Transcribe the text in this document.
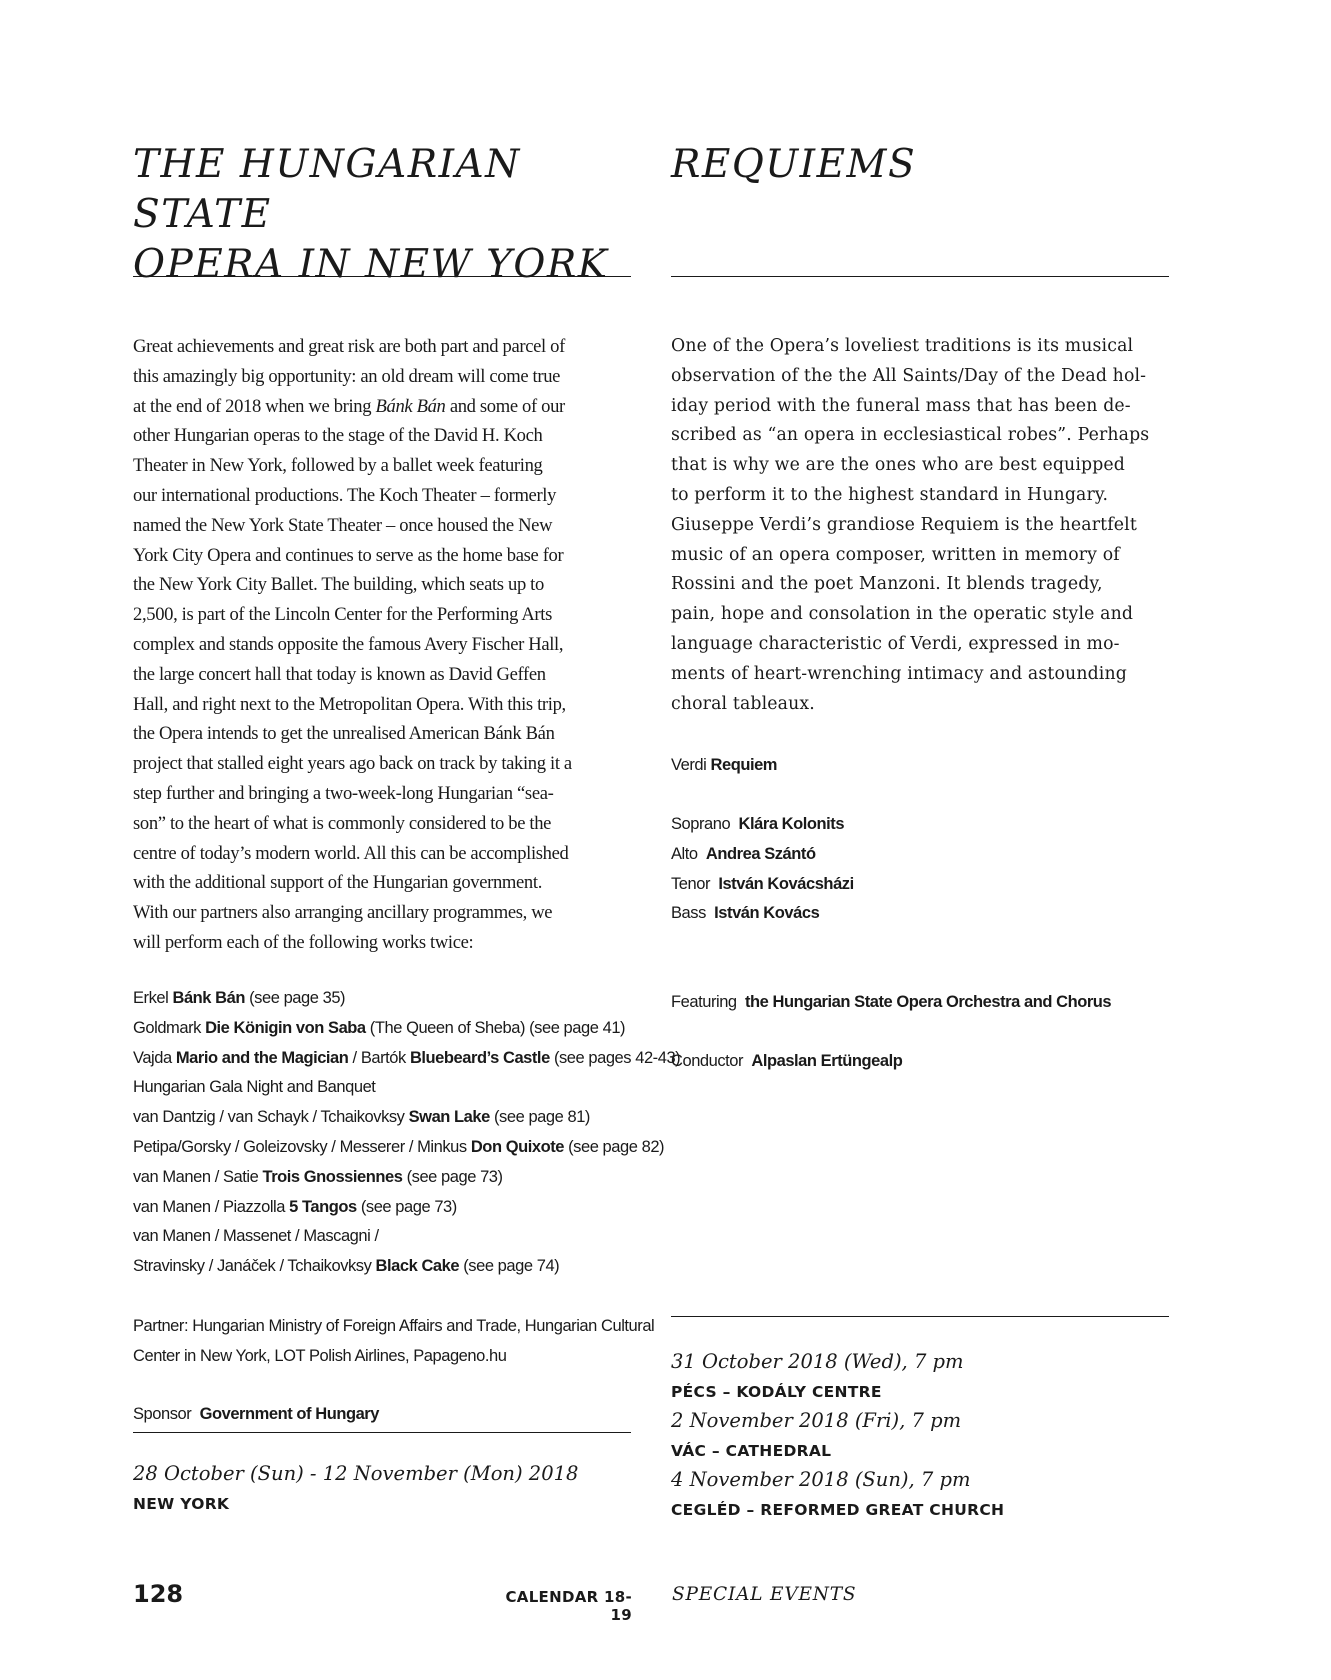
THE HUNGARIAN STATE
OPERA IN NEW YORK
Great achievements and great risk are both part and parcel of
this amazingly big opportunity: an old dream will come true
at the end of 2018 when we bring Bánk Bán and some of our
other Hungarian operas to the stage of the David H. Koch
Theater in New York, followed by a ballet week featuring
our international productions. The Koch Theater – formerly
named the New York State Theater – once housed the New
York City Opera and continues to serve as the home base for
the New York City Ballet. The building, which seats up to
2,500, is part of the Lincoln Center for the Performing Arts
complex and stands opposite the famous Avery Fischer Hall,
the large concert hall that today is known as David Geffen
Hall, and right next to the Metropolitan Opera. With this trip,
the Opera intends to get the unrealised American Bánk Bán
project that stalled eight years ago back on track by taking it a
step further and bringing a two-week-long Hungarian “sea-
son” to the heart of what is commonly considered to be the
centre of today’s modern world. All this can be accomplished
with the additional support of the Hungarian government.
With our partners also arranging ancillary programmes, we
will perform each of the following works twice:
Erkel Bánk Bán (see page 35)
Goldmark Die Königin von Saba (The Queen of Sheba) (see page 41)
Vajda Mario and the Magician / Bartók Bluebeard’s Castle (see pages 42-43)
Hungarian Gala Night and Banquet
van Dantzig / van Schayk / Tchaikovksy Swan Lake (see page 81)
Petipa/Gorsky / Goleizovsky / Messerer / Minkus Don Quixote (see page 82)
van Manen / Satie Trois Gnossiennes (see page 73)
van Manen / Piazzolla 5 Tangos (see page 73)
van Manen / Massenet / Mascagni /
Stravinsky / Janáček / Tchaikovksy Black Cake (see page 74)
Partner: Hungarian Ministry of Foreign Affairs and Trade, Hungarian Cultural
Center in New York, LOT Polish Airlines, Papageno.hu
Sponsor Government of Hungary
28 October (Sun) - 12 November (Mon) 2018
NEW YORK
REQUIEMS
One of the Opera’s loveliest traditions is its musical
observation of the the All Saints/Day of the Dead hol-
iday period with the funeral mass that has been de-
scribed as “an opera in ecclesiastical robes”. Perhaps
that is why we are the ones who are best equipped
to perform it to the highest standard in Hungary.
Giuseppe Verdi’s grandiose Requiem is the heartfelt
music of an opera composer, written in memory of
Rossini and the poet Manzoni. It blends tragedy,
pain, hope and consolation in the operatic style and
language characteristic of Verdi, expressed in mo-
ments of heart-wrenching intimacy and astounding
choral tableaux.
Verdi Requiem
Soprano Klára Kolonits
Alto Andrea Szántó
Tenor István Kovácsházi
Bass István Kovács
Featuring the Hungarian State Opera Orchestra and Chorus
Conductor Alpaslan Ertüngealp
31 October 2018 (Wed), 7 pm
PÉCS – KODÁLY CENTRE
2 November 2018 (Fri), 7 pm
VÁC – CATHEDRAL
4 November 2018 (Sun), 7 pm
CEGLÉD – REFORMED GREAT CHURCH
128	CALENDAR 18-19
SPECIAL EVENTS
